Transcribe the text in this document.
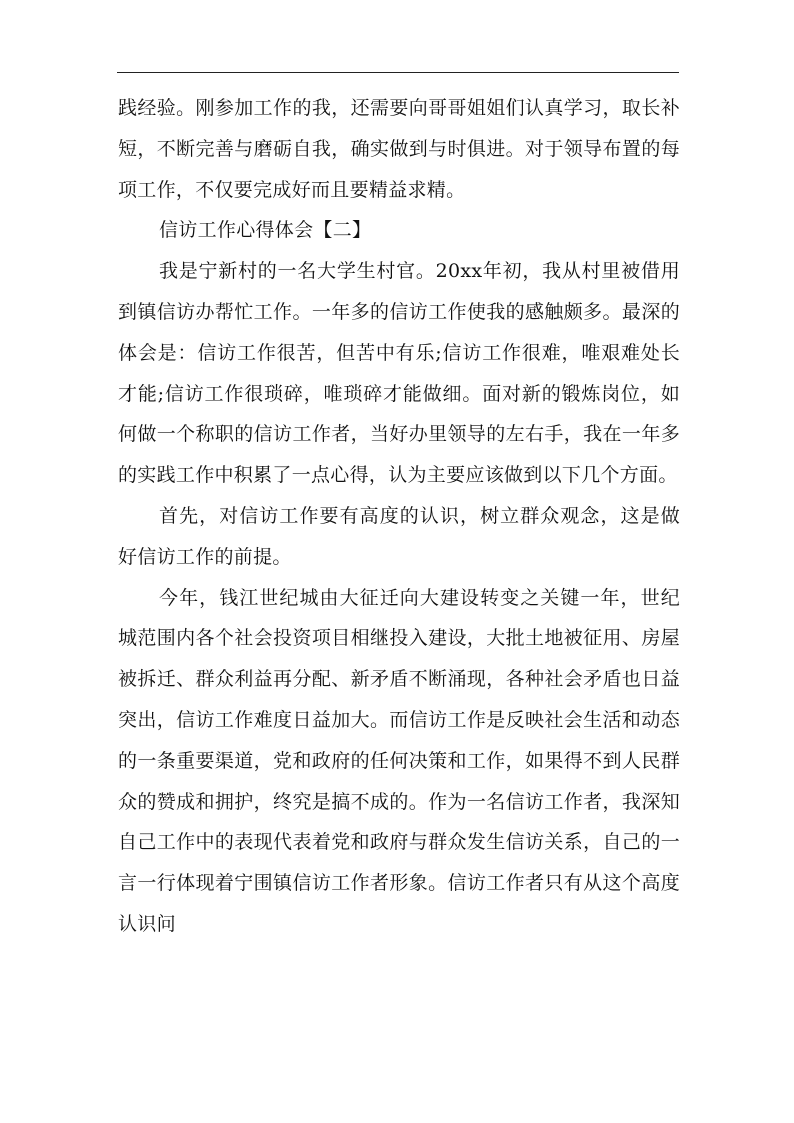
践经验。刚参加工作的我，还需要向哥哥姐姐们认真学习，取长补短，不断完善与磨砺自我，确实做到与时俱进。对于领导布置的每项工作，不仅要完成好而且要精益求精。

信访工作心得体会【二】

我是宁新村的一名大学生村官。20xx年初，我从村里被借用到镇信访办帮忙工作。一年多的信访工作使我的感触颇多。最深的体会是：信访工作很苦，但苦中有乐;信访工作很难，唯艰难处长才能;信访工作很琐碎，唯琐碎才能做细。面对新的锻炼岗位，如何做一个称职的信访工作者，当好办里领导的左右手，我在一年多的实践工作中积累了一点心得，认为主要应该做到以下几个方面。

首先，对信访工作要有高度的认识，树立群众观念，这是做好信访工作的前提。

今年，钱江世纪城由大征迁向大建设转变之关键一年，世纪城范围内各个社会投资项目相继投入建设，大批土地被征用、房屋被拆迁、群众利益再分配、新矛盾不断涌现，各种社会矛盾也日益突出，信访工作难度日益加大。而信访工作是反映社会生活和动态的一条重要渠道，党和政府的任何决策和工作，如果得不到人民群众的赞成和拥护，终究是搞不成的。作为一名信访工作者，我深知自己工作中的表现代表着党和政府与群众发生信访关系，自己的一言一行体现着宁围镇信访工作者形象。信访工作者只有从这个高度认识问
